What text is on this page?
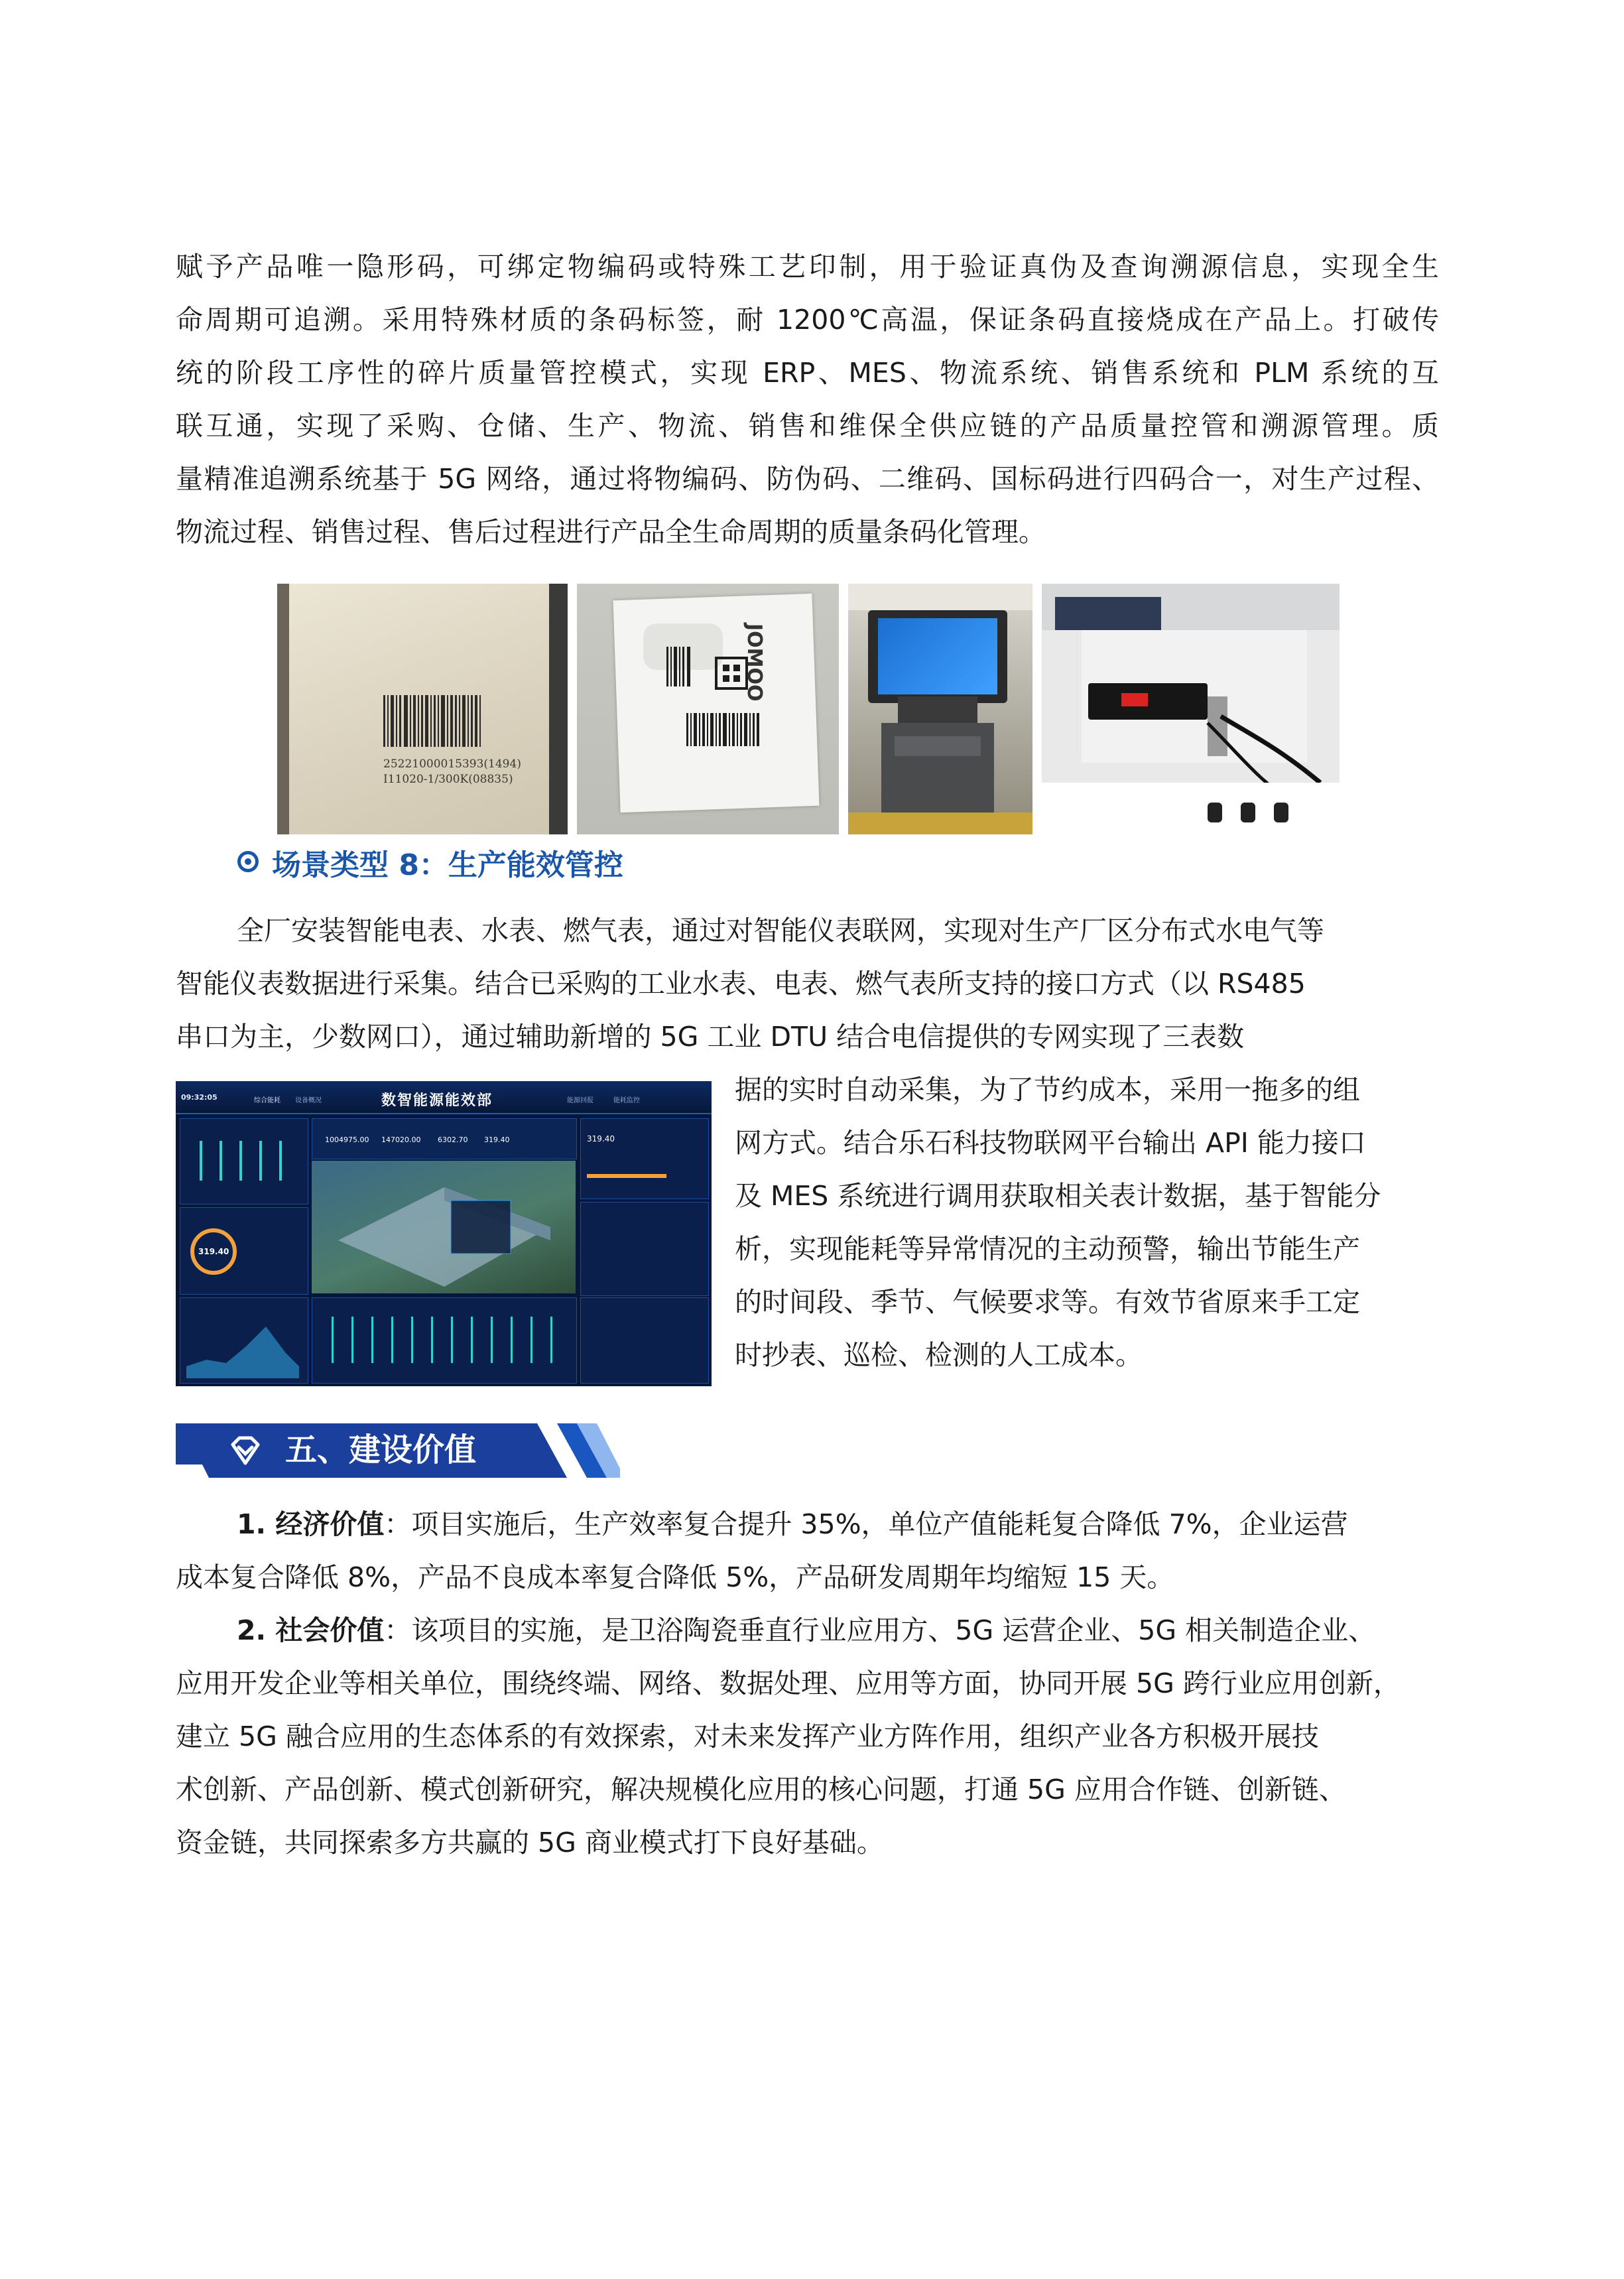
赋予产品唯一隐形码，可绑定物编码或特殊工艺印制，用于验证真伪及查询溯源信息，实现全生

命周期可追溯。采用特殊材质的条码标签，耐 1200℃高温，保证条码直接烧成在产品上。打破传

统的阶段工序性的碎片质量管控模式，实现 ERP、MES、物流系统、销售系统和 PLM 系统的互

联互通，实现了采购、仓储、生产、物流、销售和维保全供应链的产品质量控管和溯源管理。质

量精准追溯系统基于 5G 网络，通过将物编码、防伪码、二维码、国标码进行四码合一，对生产过程、

物流过程、销售过程、售后过程进行产品全生命周期的质量条码化管理。

25221000015393(1494)
I11020-1/300K(08835)
JOMOO
场景类型 8：生产能效管控

全厂安装智能电表、水表、燃气表，通过对智能仪表联网，实现对生产厂区分布式水电气等

智能仪表数据进行采集。结合已采购的工业水表、电表、燃气表所支持的接口方式（以 RS485

串口为主，少数网口），通过辅助新增的 5G 工业 DTU 结合电信提供的专网实现了三表数

据的实时自动采集，为了节约成本，采用一拖多的组

网方式。结合乐石科技物联网平台输出 API 能力接口

及 MES 系统进行调用获取相关表计数据，基于智能分

析，实现能耗等异常情况的主动预警，输出节能生产

的时间段、季节、气候要求等。有效节省原来手工定

时抄表、巡检、检测的人工成本。

09:32:05	综合能耗 设备概况	数智能源能效部	能源回报	能耗监控
319.40
1004975.00 147020.00 6302.70 319.40	319.40
五、建设价值

1. 经济价值：项目实施后，生产效率复合提升 35%，单位产值能耗复合降低 7%，企业运营

成本复合降低 8%，产品不良成本率复合降低 5%，产品研发周期年均缩短 15 天。

2. 社会价值：该项目的实施，是卫浴陶瓷垂直行业应用方、5G 运营企业、5G 相关制造企业、

应用开发企业等相关单位，围绕终端、网络、数据处理、应用等方面，协同开展 5G 跨行业应用创新，

建立 5G 融合应用的生态体系的有效探索，对未来发挥产业方阵作用，组织产业各方积极开展技

术创新、产品创新、模式创新研究，解决规模化应用的核心问题，打通 5G 应用合作链、创新链、

资金链，共同探索多方共赢的 5G 商业模式打下良好基础。
